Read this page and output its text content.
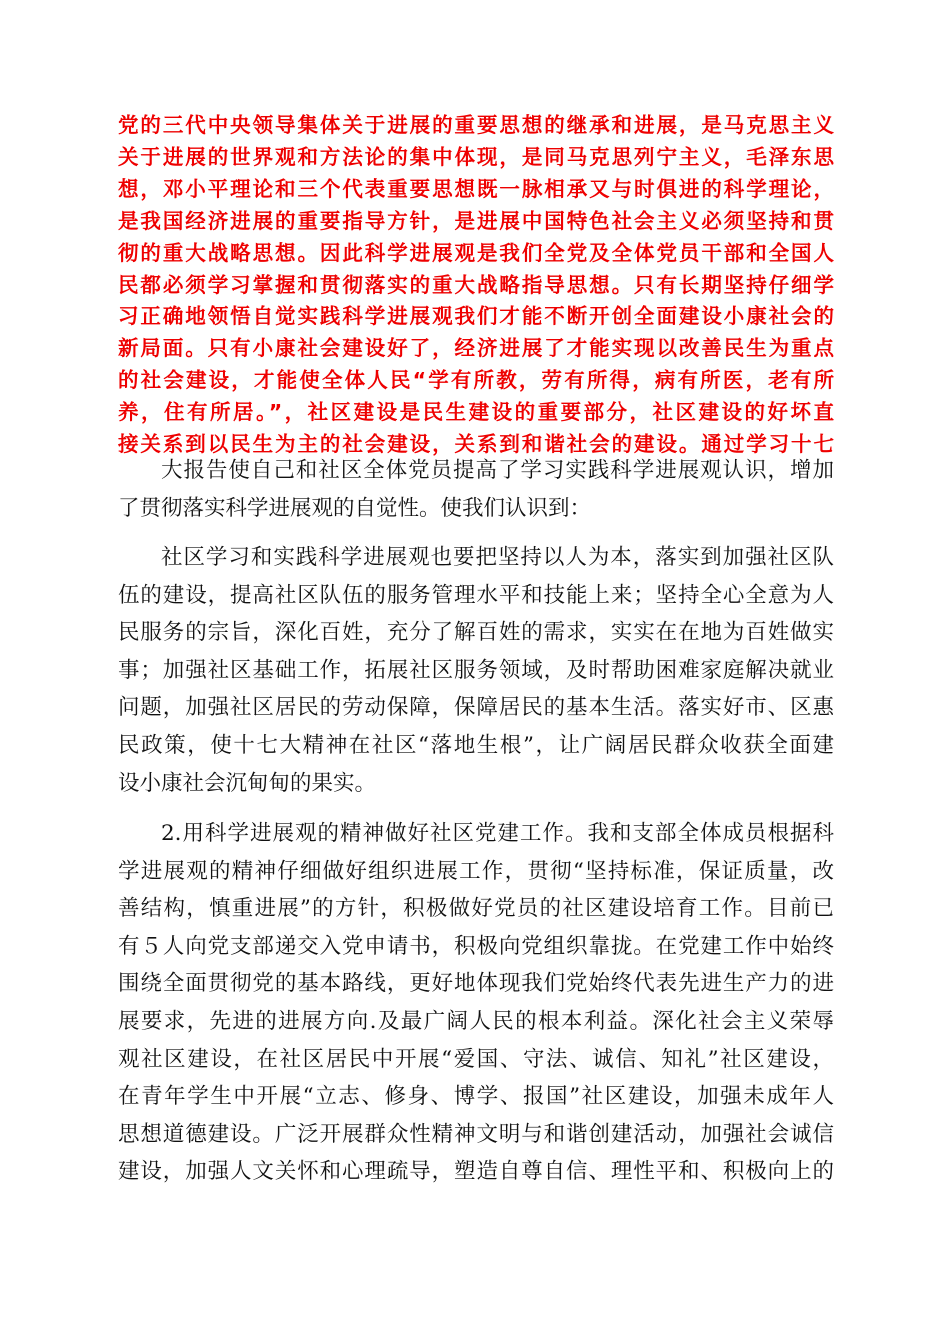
党的三代中央领导集体关于进展的重要思想的继承和进展，是马克思主义
关于进展的世界观和方法论的集中体现，是同马克思列宁主义，毛泽东思
想，邓小平理论和三个代表重要思想既一脉相承又与时俱进的科学理论，
是我国经济进展的重要指导方针，是进展中国特色社会主义必须坚持和贯
彻的重大战略思想。因此科学进展观是我们全党及全体党员干部和全国人
民都必须学习掌握和贯彻落实的重大战略指导思想。只有长期坚持仔细学
习正确地领悟自觉实践科学进展观我们才能不断开创全面建设小康社会的
新局面。只有小康社会建设好了，经济进展了才能实现以改善民生为重点
的社会建设，才能使全体人民“学有所教，劳有所得，病有所医，老有所
养，住有所居。”，社区建设是民生建设的重要部分，社区建设的好坏直
接关系到以民生为主的社会建设，关系到和谐社会的建设。通过学习十七
大报告使自己和社区全体党员提高了学习实践科学进展观认识，增加
了贯彻落实科学进展观的自觉性。使我们认识到：
社区学习和实践科学进展观也要把坚持以人为本，落实到加强社区队
伍的建设，提高社区队伍的服务管理水平和技能上来；坚持全心全意为人
民服务的宗旨，深化百姓，充分了解百姓的需求，实实在在地为百姓做实
事；加强社区基础工作，拓展社区服务领域，及时帮助困难家庭解决就业
问题，加强社区居民的劳动保障，保障居民的基本生活。落实好市、区惠
民政策，使十七大精神在社区“落地生根”，让广阔居民群众收获全面建
设小康社会沉甸甸的果实。
2.用科学进展观的精神做好社区党建工作。我和支部全体成员根据科
学进展观的精神仔细做好组织进展工作，贯彻“坚持标准，保证质量，改
善结构，慎重进展”的方针，积极做好党员的社区建设培育工作。目前已
有５人向党支部递交入党申请书，积极向党组织靠拢。在党建工作中始终
围绕全面贯彻党的基本路线，更好地体现我们党始终代表先进生产力的进
展要求，先进的进展方向.及最广阔人民的根本利益。深化社会主义荣辱
观社区建设，在社区居民中开展“爱国、守法、诚信、知礼”社区建设，
在青年学生中开展“立志、修身、博学、报国”社区建设，加强未成年人
思想道德建设。广泛开展群众性精神文明与和谐创建活动，加强社会诚信
建设，加强人文关怀和心理疏导，塑造自尊自信、理性平和、积极向上的
